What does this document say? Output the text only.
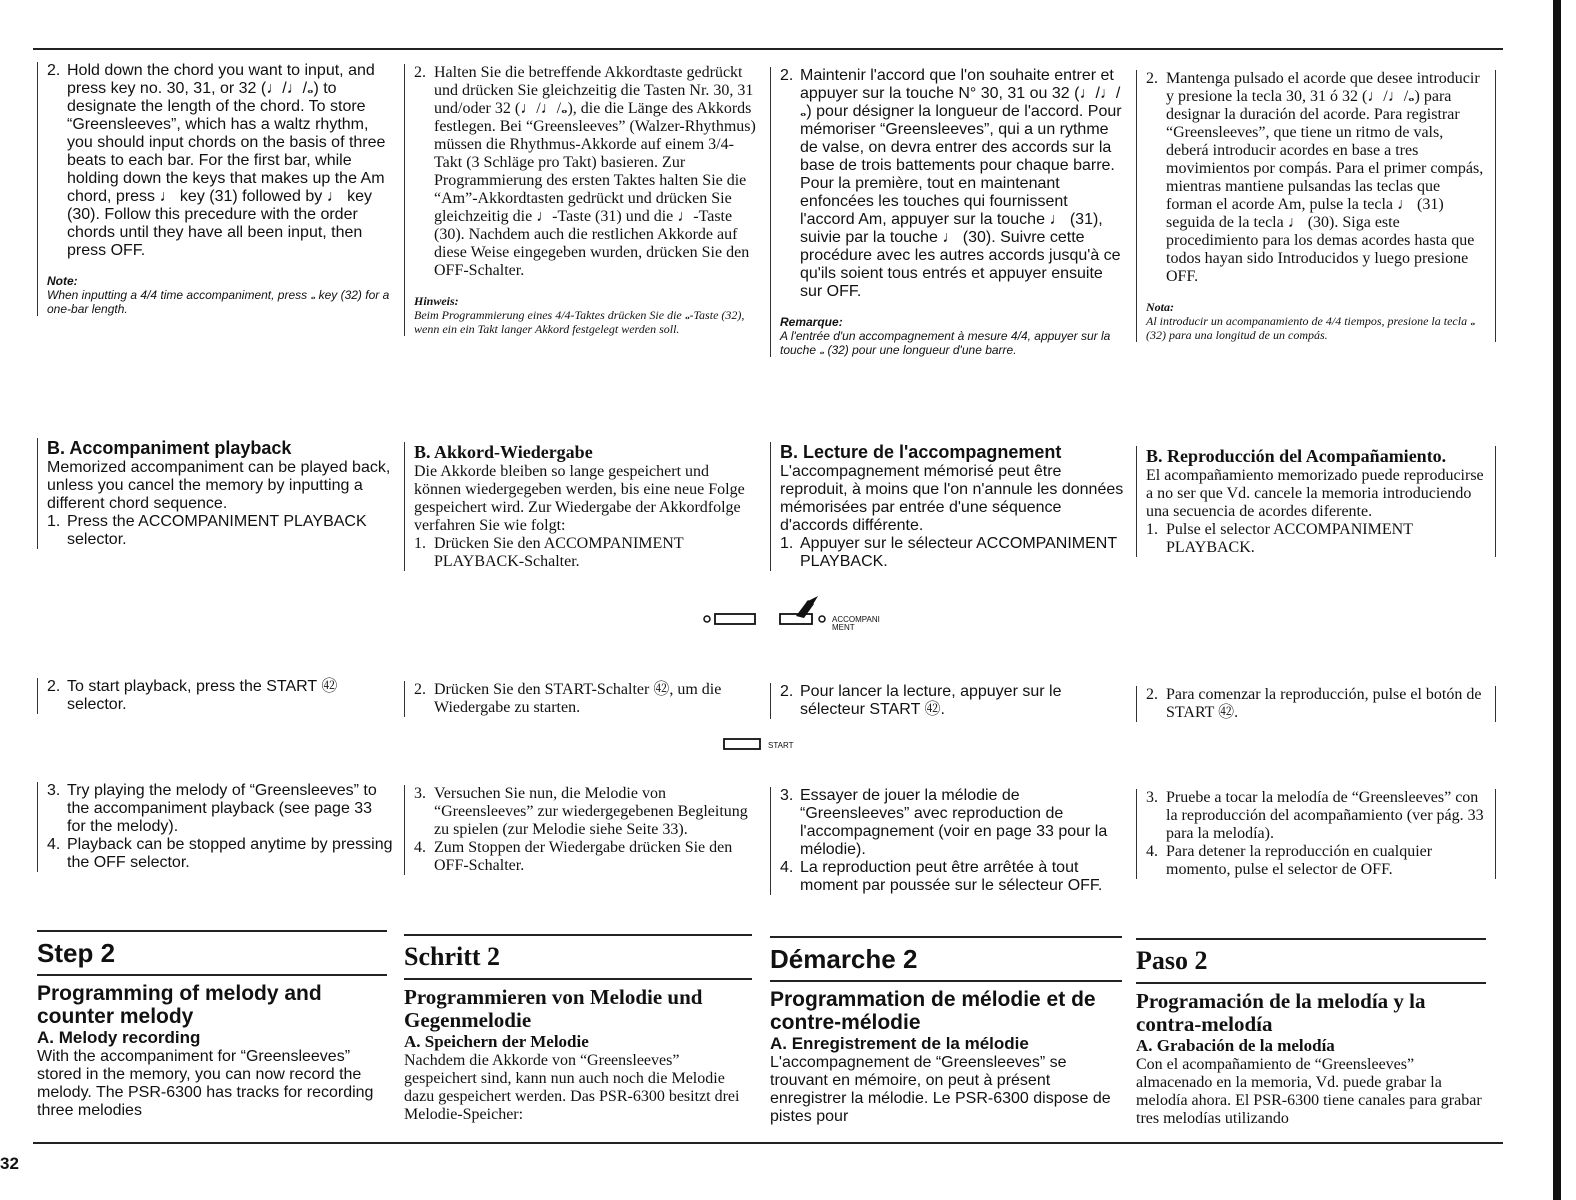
2. Hold down the chord you want to input, and press key no. 30, 31, or 32 (♩/♩/𝅝) to designate the length of the chord. To store “Greensleeves”, which has a waltz rhythm, you should input chords on the basis of three beats to each bar. For the first bar, while holding down the keys that makes up the Am chord, press ♩ key (31) followed by ♩ key (30). Follow this precedure with the order chords until they have all been input, then press OFF.
Note:
When inputting a 4/4 time accompaniment, press 𝅝 key (32) for a one-bar length.
2. Halten Sie die betreffende Akkordtaste gedrückt und drücken Sie gleichzeitig die Tasten Nr. 30, 31 und/oder 32 (♩/♩/𝅝), die die Länge des Akkords festlegen. Bei “Greensleeves” (Walzer-Rhythmus) müssen die Rhythmus-Akkorde auf einem 3/4-Takt (3 Schläge pro Takt) basieren. Zur Programmierung des ersten Taktes halten Sie die “Am”-Akkordtasten gedrückt und drücken Sie gleichzeitig die ♩-Taste (31) und die ♩-Taste (30). Nachdem auch die restlichen Akkorde auf diese Weise eingegeben wurden, drücken Sie den OFF-Schalter.
Hinweis:
Beim Programmierung eines 4/4-Taktes drücken Sie die 𝅝-Taste (32), wenn ein ein Takt langer Akkord festgelegt werden soll.
2. Maintenir l'accord que l'on souhaite entrer et appuyer sur la touche N° 30, 31 ou 32 (♩/♩/𝅝) pour désigner la longueur de l'accord. Pour mémoriser “Greensleeves”, qui a un rythme de valse, on devra entrer des accords sur la base de trois battements pour chaque barre. Pour la première, tout en maintenant enfoncées les touches qui fournissent l'accord Am, appuyer sur la touche ♩ (31), suivie par la touche ♩ (30). Suivre cette procédure avec les autres accords jusqu'à ce qu'ils soient tous entrés et appuyer ensuite sur OFF.
Remarque:
A l'entrée d'un accompagnement à mesure 4/4, appuyer sur la touche 𝅝 (32) pour une longueur d'une barre.
2. Mantenga pulsado el acorde que desee introducir y presione la tecla 30, 31 ó 32 (♩/♩/𝅝) para designar la duración del acorde. Para registrar “Greensleeves”, que tiene un ritmo de vals, deberá introducir acordes en base a tres movimientos por compás. Para el primer compás, mientras mantiene pulsandas las teclas que forman el acorde Am, pulse la tecla ♩ (31) seguida de la tecla ♩ (30). Siga este procedimiento para los demas acordes hasta que todos hayan sido Introducidos y luego presione OFF.
Nota:
Al introducir un acompanamiento de 4/4 tiempos, presione la tecla 𝅝 (32) para una longitud de un compás.
B. Accompaniment playback
Memorized accompaniment can be played back, unless you cancel the memory by inputting a different chord sequence.
1. Press the ACCOMPANIMENT PLAYBACK selector.
B. Akkord-Wiedergabe
Die Akkorde bleiben so lange gespeichert und können wiedergegeben werden, bis eine neue Folge gespeichert wird. Zur Wiedergabe der Akkordfolge verfahren Sie wie folgt:
1. Drücken Sie den ACCOMPANIMENT PLAYBACK-Schalter.
B. Lecture de l'accompagnement
L'accompagnement mémorisé peut être reproduit, à moins que l'on n'annule les données mémorisées par entrée d'une séquence d'accords différente.
1. Appuyer sur le sélecteur ACCOMPANIMENT PLAYBACK.
B. Reproducción del Acompañamiento.
El acompañamiento memorizado puede reproducirse a no ser que Vd. cancele la memoria introduciendo una secuencia de acordes diferente.
1. Pulse el selector ACCOMPANIMENT PLAYBACK.
ACCOMPANI MENT
2. To start playback, press the START ㊷ selector.
2. Drücken Sie den START-Schalter ㊷, um die Wiedergabe zu starten.
2. Pour lancer la lecture, appuyer sur le sélecteur START ㊷.
2. Para comenzar la reproducción, pulse el botón de START ㊷.
START
3. Try playing the melody of “Greensleeves” to the accompaniment playback (see page 33 for the melody).
4. Playback can be stopped anytime by pressing the OFF selector.
3. Versuchen Sie nun, die Melodie von “Greensleeves” zur wiedergegebenen Begleitung zu spielen (zur Melodie siehe Seite 33).
4. Zum Stoppen der Wiedergabe drücken Sie den OFF-Schalter.
3. Essayer de jouer la mélodie de “Greensleeves” avec reproduction de l'accompagnement (voir en page 33 pour la mélodie).
4. La reproduction peut être arrêtée à tout moment par poussée sur le sélecteur OFF.
3. Pruebe a tocar la melodía de “Greensleeves” con la reproducción del acompañamiento (ver pág. 33 para la melodía).
4. Para detener la reproducción en cualquier momento, pulse el selector de OFF.
Step 2
Programming of melody and counter melody
A. Melody recording
With the accompaniment for “Greensleeves” stored in the memory, you can now record the melody. The PSR-6300 has tracks for recording three melodies
Schritt 2
Programmieren von Melodie und Gegenmelodie
A. Speichern der Melodie
Nachdem die Akkorde von “Greensleeves” gespeichert sind, kann nun auch noch die Melodie dazu gespeichert werden. Das PSR-6300 besitzt drei Melodie-Speicher:
Démarche 2
Programmation de mélodie et de contre-mélodie
A. Enregistrement de la mélodie
L'accompagnement de “Greensleeves” se trouvant en mémoire, on peut à présent enregistrer la mélodie. Le PSR-6300 dispose de pistes pour
Paso 2
Programación de la melodía y la contra-melodía
A. Grabación de la melodía
Con el acompañamiento de “Greensleeves” almacenado en la memoria, Vd. puede grabar la melodía ahora. El PSR-6300 tiene canales para grabar tres melodías utilizando
32
